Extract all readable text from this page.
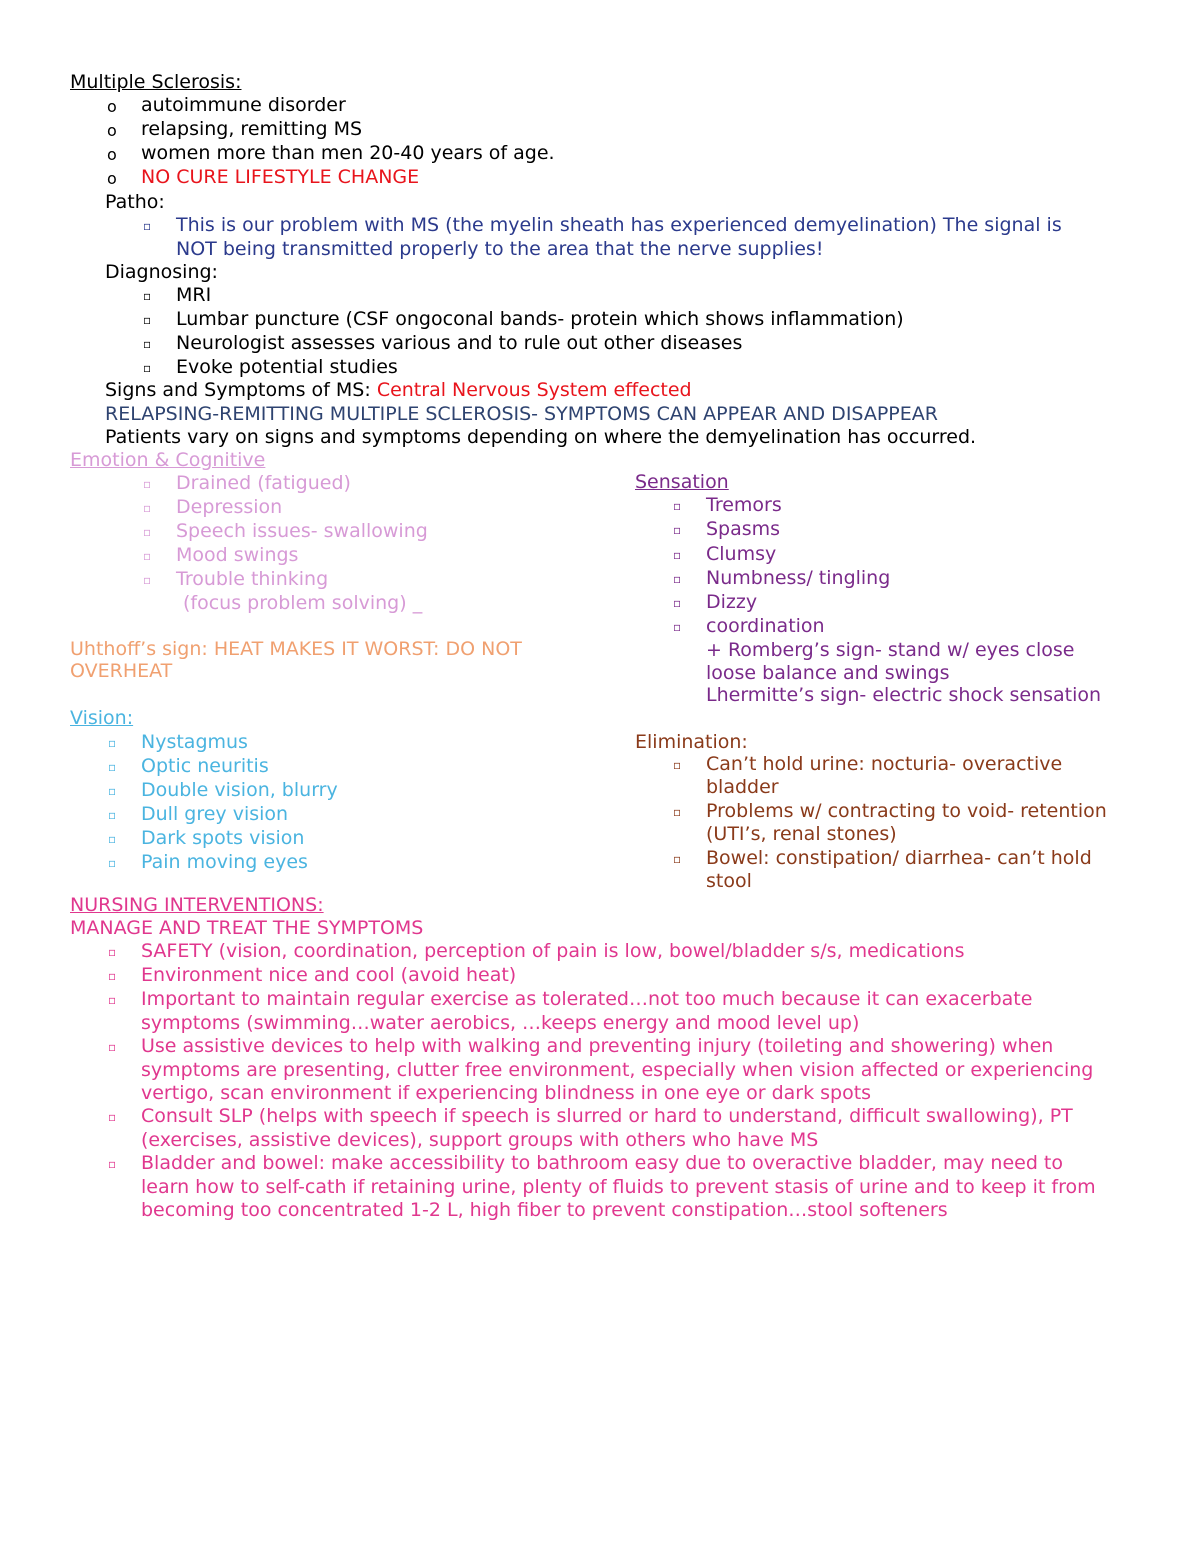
Multiple Sclerosis:
o autoimmune disorder
o relapsing, remitting MS
o women more than men 20-40 years of age.
o NO CURE LIFESTYLE CHANGE
Patho:
▫ This is our problem with MS (the myelin sheath has experienced demyelination) The signal is
NOT being transmitted properly to the area that the nerve supplies!
Diagnosing:
▫ MRI
▫ Lumbar puncture (CSF ongoconal bands- protein which shows inflammation)
▫ Neurologist assesses various and to rule out other diseases
▫ Evoke potential studies
Signs and Symptoms of MS: Central Nervous System effected
RELAPSING-REMITTING MULTIPLE SCLEROSIS- SYMPTOMS CAN APPEAR AND DISAPPEAR
Patients vary on signs and symptoms depending on where the demyelination has occurred.
Emotion & Cognitive
▫ Drained (fatigued)
▫ Depression
▫ Speech issues- swallowing
▫ Mood swings
▫ Trouble thinking
(focus problem solving) _
Uhthoff’s sign: HEAT MAKES IT WORST: DO NOT
OVERHEAT
Vision:
▫ Nystagmus
▫ Optic neuritis
▫ Double vision, blurry
▫ Dull grey vision
▫ Dark spots vision
▫ Pain moving eyes
Sensation
▫ Tremors
▫ Spasms
▫ Clumsy
▫ Numbness/ tingling
▫ Dizzy
▫ coordination
+ Romberg’s sign- stand w/ eyes close
loose balance and swings
Lhermitte’s sign- electric shock sensation
Elimination:
▫ Can’t hold urine: nocturia- overactive
bladder
▫ Problems w/ contracting to void- retention
(UTI’s, renal stones)
▫ Bowel: constipation/ diarrhea- can’t hold
stool
NURSING INTERVENTIONS:
MANAGE AND TREAT THE SYMPTOMS
▫ SAFETY (vision, coordination, perception of pain is low, bowel/bladder s/s, medications
▫ Environment nice and cool (avoid heat)
▫ Important to maintain regular exercise as tolerated…not too much because it can exacerbate
symptoms (swimming…water aerobics, …keeps energy and mood level up)
▫ Use assistive devices to help with walking and preventing injury (toileting and showering) when
symptoms are presenting, clutter free environment, especially when vision affected or experiencing
vertigo, scan environment if experiencing blindness in one eye or dark spots
▫ Consult SLP (helps with speech if speech is slurred or hard to understand, difficult swallowing), PT
(exercises, assistive devices), support groups with others who have MS
▫ Bladder and bowel: make accessibility to bathroom easy due to overactive bladder, may need to
learn how to self-cath if retaining urine, plenty of fluids to prevent stasis of urine and to keep it from
becoming too concentrated 1-2 L, high fiber to prevent constipation…stool softeners
